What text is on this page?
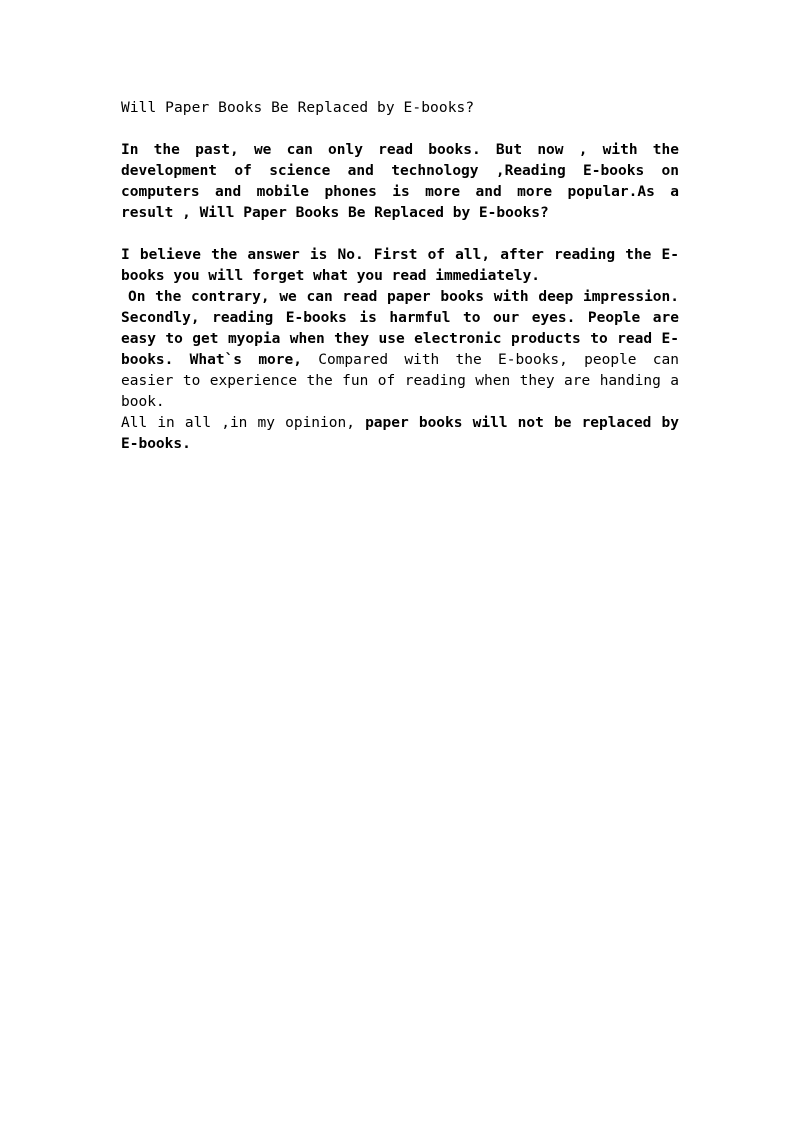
Will Paper Books Be Replaced by E-books?

In the past, we can only read books. But now , with the development of science and technology ,Reading E-books on computers and mobile phones is more and more popular.As a result , Will Paper Books Be Replaced by E-books?

I believe the answer is No. First of all, after reading the E-books you will forget what you read immediately.

On the contrary, we can read paper books with deep impression. Secondly, reading E-books is harmful to our eyes. People are easy to get myopia when they use electronic products to read E-books. What`s more, Compared with the E-books, people can easier to experience the fun of reading when they are handing a book.

All in all ,in my opinion, paper books will not be replaced by E-books.
